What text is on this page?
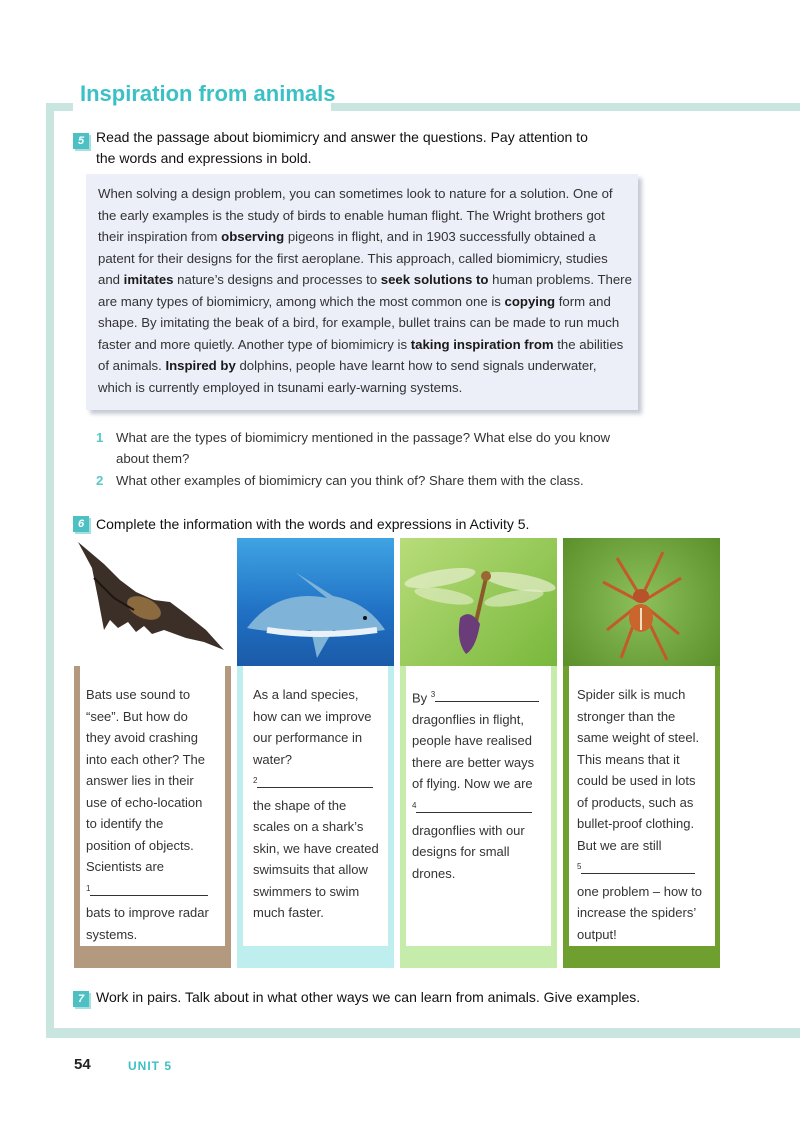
Inspiration from animals
5 Read the passage about biomimicry and answer the questions. Pay attention to
the words and expressions in bold.
When solving a design problem, you can sometimes look to nature for a solution. One of the early examples is the study of birds to enable human flight. The Wright brothers got their inspiration from observing pigeons in flight, and in 1903 successfully obtained a patent for their designs for the first aeroplane. This approach, called biomimicry, studies and imitates nature’s designs and processes to seek solutions to human problems. There are many types of biomimicry, among which the most common one is copying form and shape. By imitating the beak of a bird, for example, bullet trains can be made to run much faster and more quietly. Another type of biomimicry is taking inspiration from the abilities of animals. Inspired by dolphins, people have learnt how to send signals underwater, which is currently employed in tsunami early-warning systems.
1 What are the types of biomimicry mentioned in the passage? What else do you know
about them?
2 What other examples of biomimicry can you think of? Share them with the class.
6 Complete the information with the words and expressions in Activity 5.
Bats use sound to
“see”. But how do
they avoid crashing
into each other? The
answer lies in their
use of echo-location
to identify the
position of objects.
Scientists are
$^1$
bats to improve radar
systems.
As a land species,
how can we improve
our performance in
water?
$^2$
the shape of the
scales on a shark’s
skin, we have created
swimsuits that allow
swimmers to swim
much faster.
By $^3$
dragonflies in flight,
people have realised
there are better ways
of flying. Now we are
$^4$
dragonflies with our
designs for small
drones.
Spider silk is much
stronger than the
same weight of steel.
This means that it
could be used in lots
of products, such as
bullet-proof clothing.
But we are still
$^5$
one problem – how to
increase the spiders’
output!
7 Work in pairs. Talk about in what other ways we can learn from animals. Give examples.
54	UNIT 5
